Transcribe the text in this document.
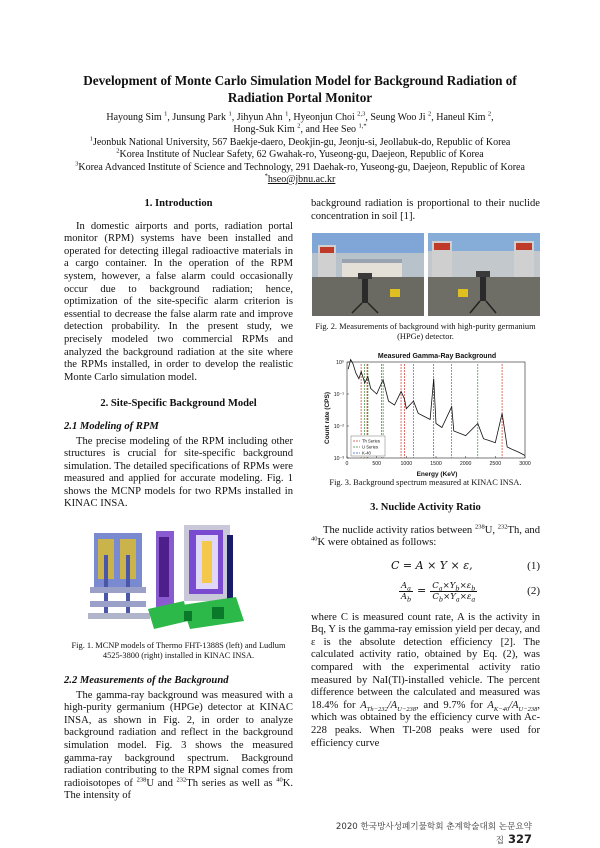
Development of Monte Carlo Simulation Model for Background Radiation of Radiation Portal Monitor
Hayoung Sim $^1$, Junsung Park $^1$, Jihyun Ahn $^1$, Hyeonjun Choi $^{2,3}$, Seung Woo Ji $^2$, Haneul Kim $^2$,
Hong-Suk Kim $^2$, and Hee Seo $^{1,*}$
$^1$Jeonbuk National University, 567 Baekje-daero, Deokjin-gu, Jeonju-si, Jeollabuk-do, Republic of Korea
$^2$Korea Institute of Nuclear Safety, 62 Gwahak-ro, Yuseong-gu, Daejeon, Republic of Korea
$^3$Korea Advanced Institute of Science and Technology, 291 Daehak-ro, Yuseong-gu, Daejeon, Republic of Korea
*hseo@jbnu.ac.kr
1. Introduction

In domestic airports and ports, radiation portal monitor (RPM) systems have been installed and operated for detecting illegal radioactive materials in a cargo container. In the operation of the RPM system, however, a false alarm could occasionally occur due to background radiation; hence, optimization of the site-specific alarm criterion is essential to decrease the false alarm rate and improve detection probability. In the present study, we precisely modeled two commercial RPMs and analyzed the background radiation at the site where the RPMs installed, in order to develop the realistic Monte Carlo simulation model.

2. Site-Specific Background Model
2.1 Modeling of RPM

The precise modeling of the RPM including other structures is crucial for site-specific background simulation. The detailed specifications of RPMs were measured and applied for accurate modeling. Fig. 1 shows the MCNP models for two RPMs installed in KINAC INSA.

Fig. 1. MCNP models of Thermo FHT-1388S (left) and Ludlum 4525-3800 (right) installed in KINAC INSA.
2.2 Measurements of the Background

The gamma-ray background was measured with a high-purity germanium (HPGe) detector at KINAC INSA, as shown in Fig. 2, in order to analyze background radiation and reflect in the background simulation model. Fig. 3 shows the measured gamma-ray background spectrum. Background radiation contributing to the RPM signal comes from radioisotopes of $^{238}$U and $^{232}$Th series as well as $^{40}$K. The intensity of

background radiation is proportional to their nuclide concentration in soil [1].

Fig. 2. Measurements of background with high-purity germanium (HPGe) detector.
Measured Gamma-Ray Background
Count rate (CPS)
Energy (KeV)
0	500	1000	1500	2000	2500	3000
10⁰
10⁻¹
10⁻²
10⁻³
Th Series
U Series
K-40
Fig. 3. Background spectrum measured at KINAC INSA.
3. Nuclide Activity Ratio

The nuclide activity ratios between $^{238}$U, $^{232}$Th, and $^{40}$K were obtained as follows:

C = A × Y × ε,	(1)
$\frac{A_a}{A_b} = \frac{C_a\times Y_b\times\varepsilon_b}{C_b\times Y_a\times\varepsilon_a}$	(2)

where C is measured count rate, A is the activity in Bq, Y is the gamma-ray emission yield per decay, and ε is the absolute detection efficiency [2]. The calculated activity ratio, obtained by Eq. (2), was compared with the experimental activity ratio measured by NaI(Tl)-installed vehicle. The percent difference between the calculated and measured was 18.4% for $A_{Th-232}/A_{U-238}$, and 9.7% for $A_{K-40}/A_{U-238}$, which was obtained by the efficiency curve with Ac-228 peaks. When Tl-208 peaks were used for efficiency curve

2020 한국방사성폐기물학회 춘계학술대회 논문요약집 327
